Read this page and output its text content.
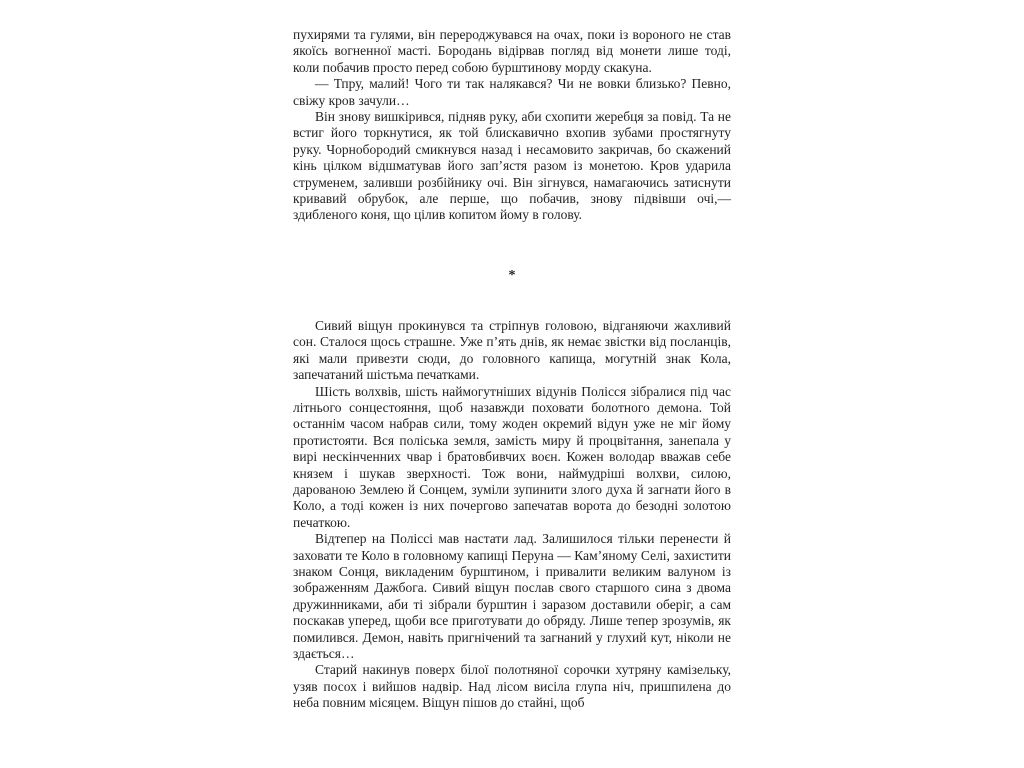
пухирями та гулями, він перероджувався на очах, поки із вороного не став якоїсь вогненної масті. Бородань відірвав погляд від монети лише тоді, коли побачив просто перед собою бурштинову морду скакуна.

— Тпру, малий! Чого ти так налякався? Чи не вовки близько? Певно, свіжу кров зачули…

Він знову вишкірився, підняв руку, аби схопити жеребця за повід. Та не встиг його торкнутися, як той блискавично вхопив зубами простягнуту руку. Чорнобородий смикнувся назад і несамовито закричав, бо скажений кінь цілком відшматував його зап’ястя разом із монетою. Кров ударила струменем, заливши розбійнику очі. Він зігнувся, намагаючись затиснути кривавий обрубок, але перше, що побачив, знову підвівши очі,— здибленого коня, що цілив копитом йому в голову.

*

Сивий віщун прокинувся та стріпнув головою, відганяючи жахливий сон. Сталося щось страшне. Уже п’ять днів, як немає звістки від посланців, які мали привезти сюди, до головного капища, могутній знак Кола, запечатаний шістьма печатками.

Шість волхвів, шість наймогутніших відунів Полісся зібралися під час літнього сонцестояння, щоб назавжди поховати болотного демона. Той останнім часом набрав сили, тому жоден окремий відун уже не міг йому протистояти. Вся поліська земля, замість миру й процвітання, занепала у вирі нескінченних чвар і братовбивчих воєн. Кожен володар вважав себе князем і шукав зверхності. Тож вони, наймудріші волхви, силою, дарованою Землею й Сонцем, зуміли зупинити злого духа й загнати його в Коло, а тоді кожен із них почергово запечатав ворота до безодні золотою печаткою.

Відтепер на Поліссі мав настати лад. Залишилося тільки перенести й заховати те Коло в головному капищі Перуна — Кам’яному Селі, захистити знаком Сонця, викладеним бурштином, і привалити великим валуном із зображенням Дажбога. Сивий віщун послав свого старшого сина з двома дружинниками, аби ті зібрали бурштин і заразом доставили оберіг, а сам поскакав уперед, щоби все приготувати до обряду. Лише тепер зрозумів, як помилився. Демон, навіть пригнічений та загнаний у глухий кут, ніколи не здається…

Старий накинув поверх білої полотняної сорочки хутряну камізельку, узяв посох і вийшов надвір. Над лісом висіла глупа ніч, пришпилена до неба повним місяцем. Віщун пішов до стайні, щоб
